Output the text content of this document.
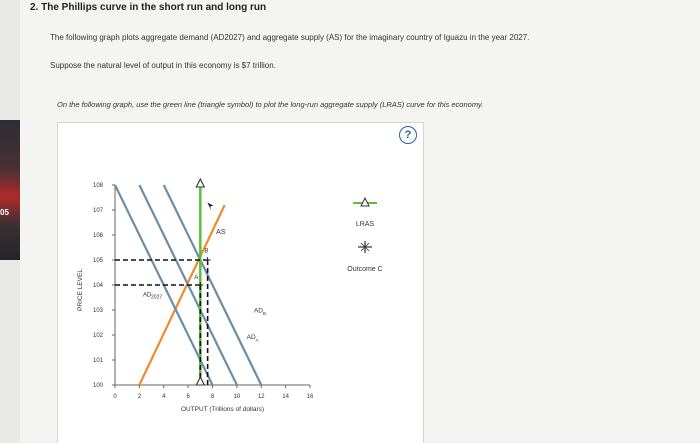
05
2. The Phillips curve in the short run and long run
The following graph plots aggregate demand (AD2027) and aggregate supply (AS) for the imaginary country of Iguazu in the year 2027.
Suppose the natural level of output in this economy is $7 trillion.
On the following graph, use the green line (triangle symbol) to plot the long-run aggregate supply (LRAS) curve for this economy.
?
0	2	4	6	8	10	12	14	16
100
101
102
103
104
105
106
107
108
OUTPUT (Trillions of dollars)
PRICE LEVEL
AS
AD 2027
AD B
AD A
B
A
LRAS
Outcome C
